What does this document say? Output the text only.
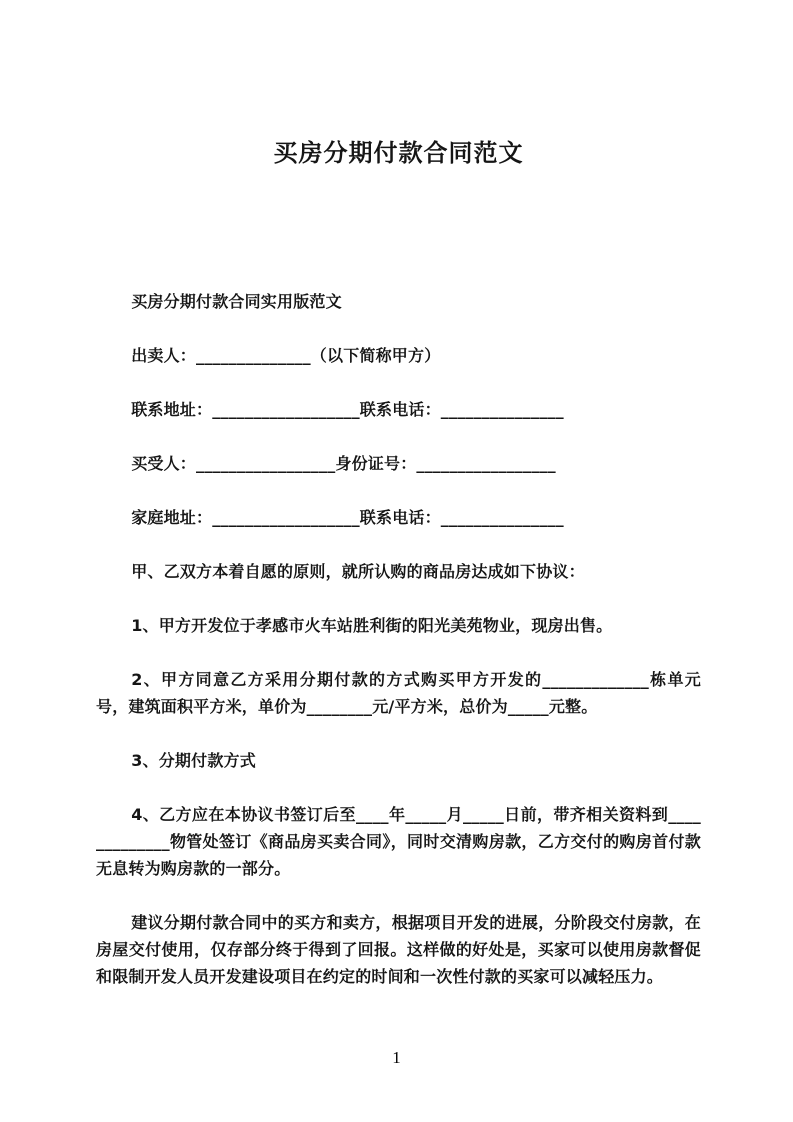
买房分期付款合同范文

买房分期付款合同实用版范文

出卖人：______________（以下简称甲方）

联系地址：__________________联系电话：_______________

买受人：_________________身份证号：_________________

家庭地址：__________________联系电话：_______________

甲、乙双方本着自愿的原则，就所认购的商品房达成如下协议：

1、甲方开发位于孝感市火车站胜利街的阳光美苑物业，现房出售。

2、甲方同意乙方采用分期付款的方式购买甲方开发的_____________栋单元号，建筑面积平方米，单价为________元/平方米，总价为_____元整。

3、分期付款方式

4、乙方应在本协议书签订后至____年_____月_____日前，带齐相关资料到_____________物管处签订《商品房买卖合同》，同时交清购房款，乙方交付的购房首付款无息转为购房款的一部分。

建议分期付款合同中的买方和卖方，根据项目开发的进展，分阶段交付房款，在房屋交付使用，仅存部分终于得到了回报。这样做的好处是，买家可以使用房款督促和限制开发人员开发建设项目在约定的时间和一次性付款的买家可以减轻压力。

1
